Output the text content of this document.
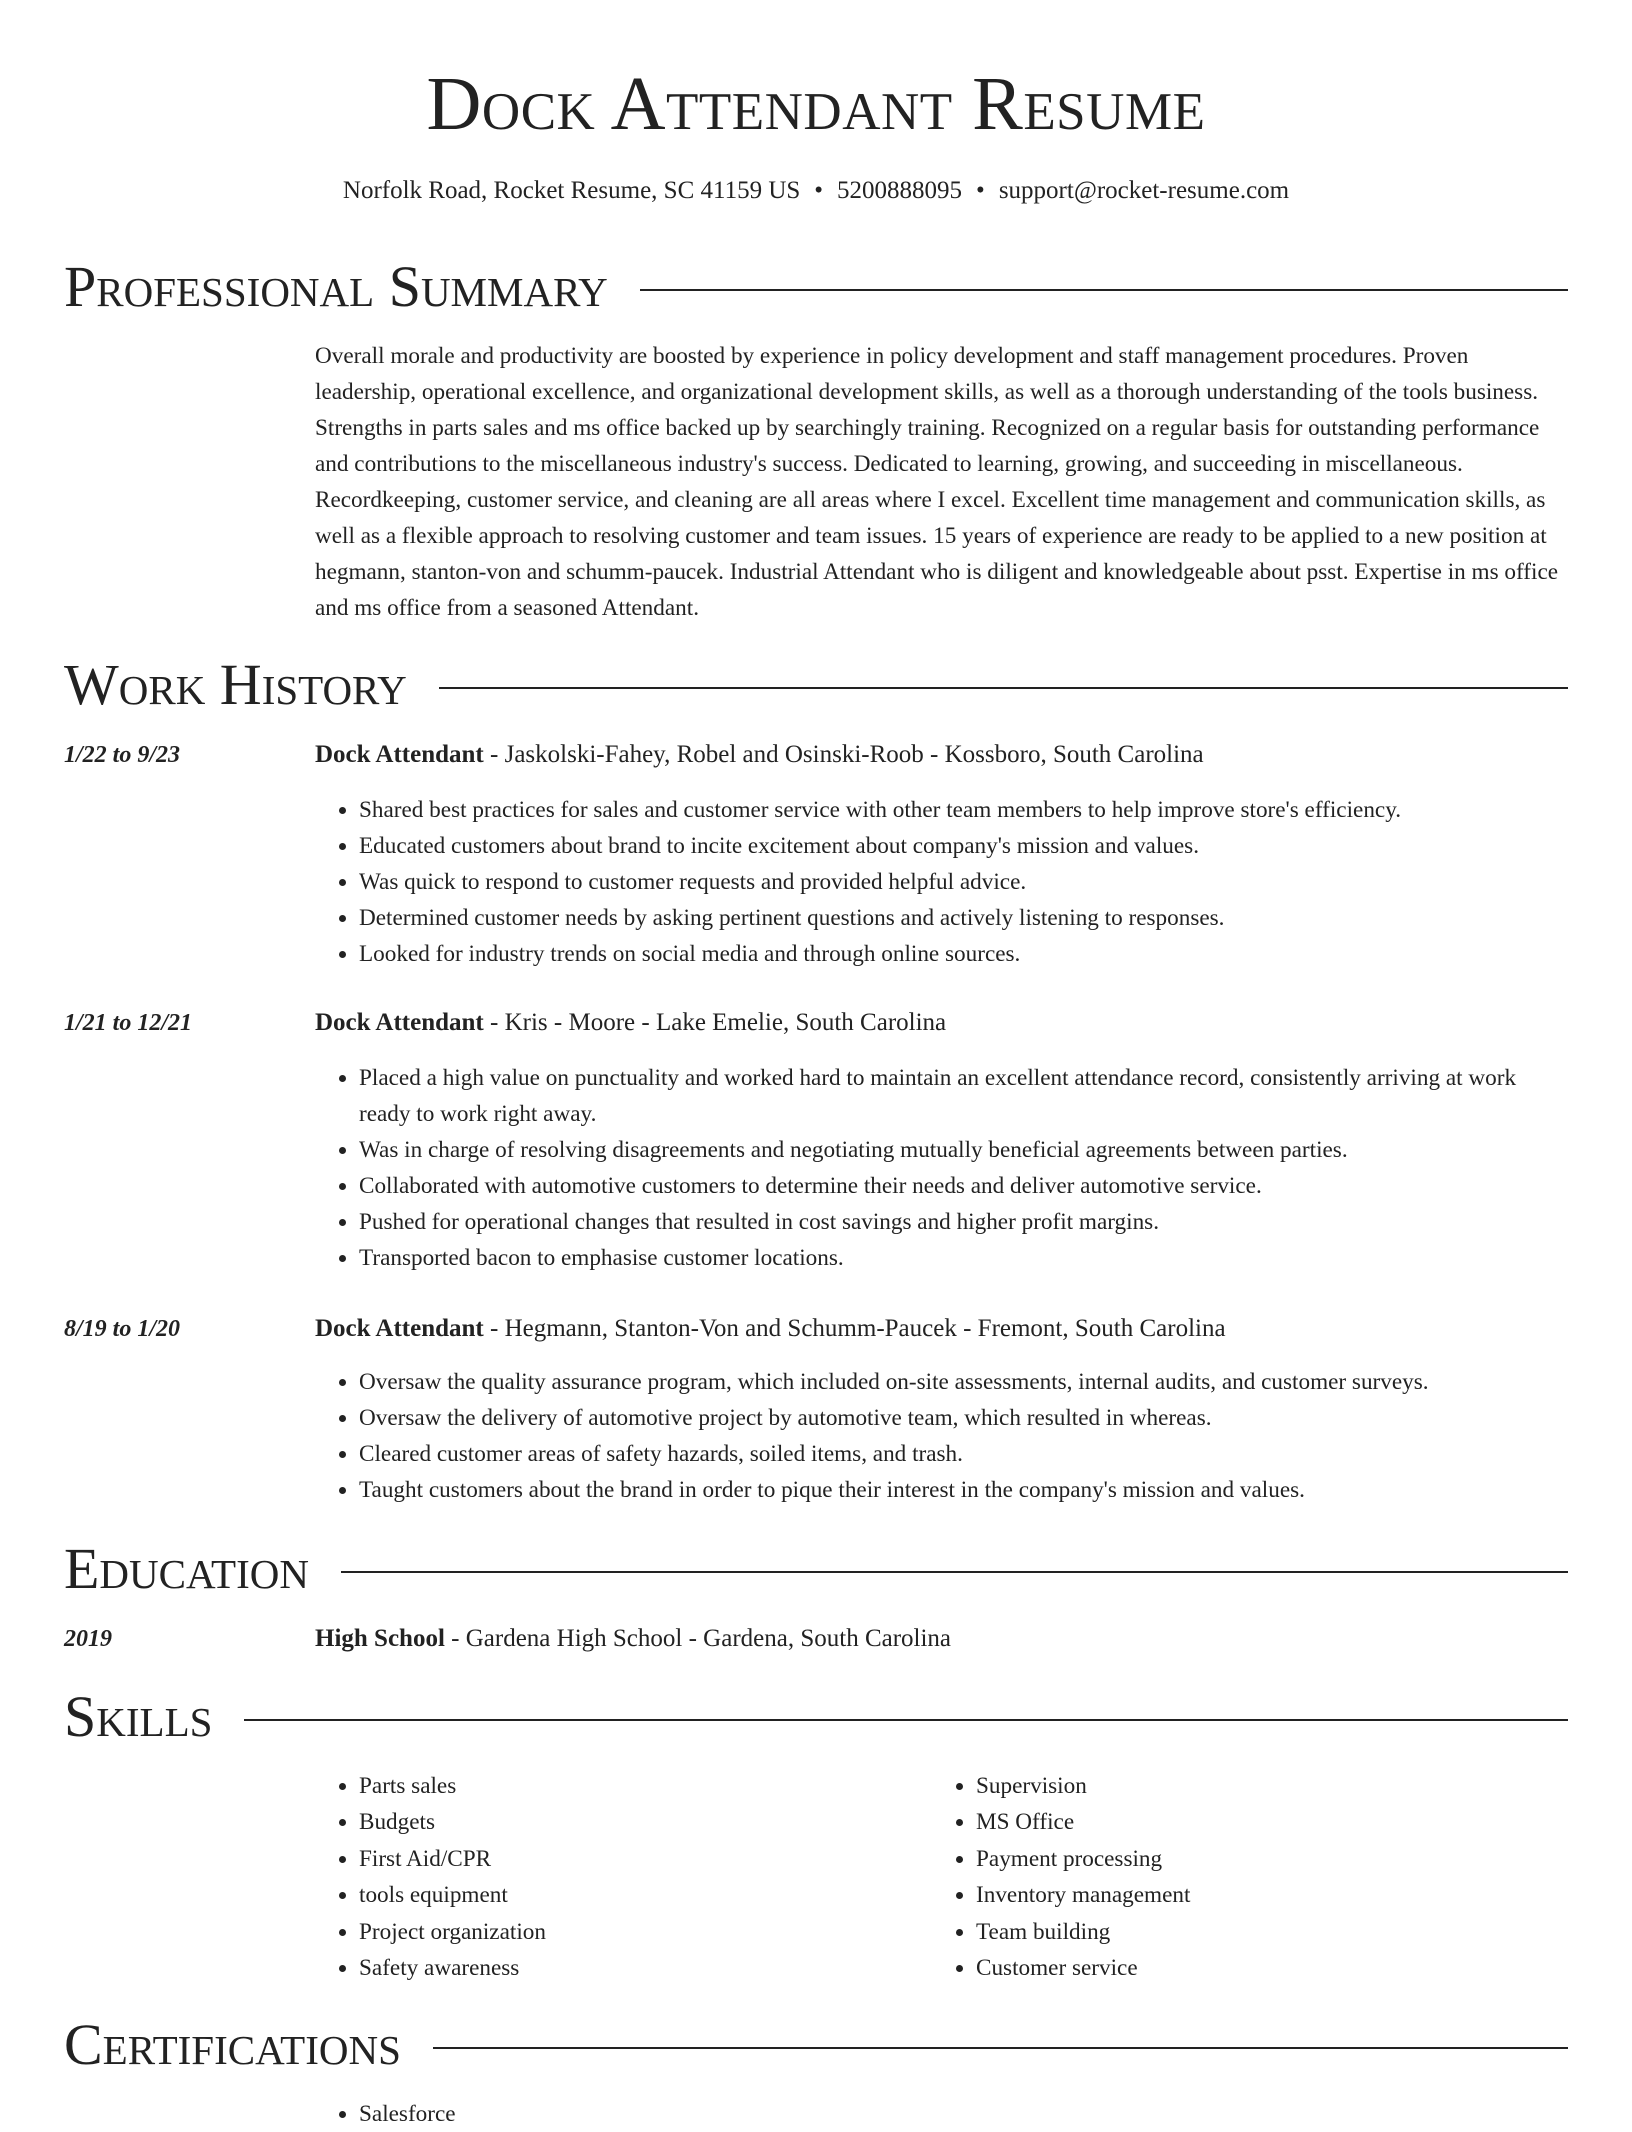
Dock Attendant Resume
Norfolk Road, Rocket Resume, SC 41159 US • 5200888095 • support@rocket-resume.com
Professional Summary

Overall morale and productivity are boosted by experience in policy development and staff management procedures. Proven leadership, operational excellence, and organizational development skills, as well as a thorough understanding of the tools business. Strengths in parts sales and ms office backed up by searchingly training. Recognized on a regular basis for outstanding performance and contributions to the miscellaneous industry's success. Dedicated to learning, growing, and succeeding in miscellaneous. Recordkeeping, customer service, and cleaning are all areas where I excel. Excellent time management and communication skills, as well as a flexible approach to resolving customer and team issues. 15 years of experience are ready to be applied to a new position at hegmann, stanton-von and schumm-paucek. Industrial Attendant who is diligent and knowledgeable about psst. Expertise in ms office and ms office from a seasoned Attendant.

Work History
1/22 to 9/23	Dock Attendant - Jaskolski-Fahey, Robel and Osinski-Roob - Kossboro, South Carolina
• Shared best practices for sales and customer service with other team members to help improve store's efficiency.
• Educated customers about brand to incite excitement about company's mission and values.
• Was quick to respond to customer requests and provided helpful advice.
• Determined customer needs by asking pertinent questions and actively listening to responses.
• Looked for industry trends on social media and through online sources.
1/21 to 12/21	Dock Attendant - Kris - Moore - Lake Emelie, South Carolina
• Placed a high value on punctuality and worked hard to maintain an excellent attendance record, consistently arriving at work ready to work right away.
• Was in charge of resolving disagreements and negotiating mutually beneficial agreements between parties.
• Collaborated with automotive customers to determine their needs and deliver automotive service.
• Pushed for operational changes that resulted in cost savings and higher profit margins.
• Transported bacon to emphasise customer locations.
8/19 to 1/20	Dock Attendant - Hegmann, Stanton-Von and Schumm-Paucek - Fremont, South Carolina
• Oversaw the quality assurance program, which included on-site assessments, internal audits, and customer surveys.
• Oversaw the delivery of automotive project by automotive team, which resulted in whereas.
• Cleared customer areas of safety hazards, soiled items, and trash.
• Taught customers about the brand in order to pique their interest in the company's mission and values.
Education
2019	High School - Gardena High School - Gardena, South Carolina
Skills
• Parts sales
• Budgets
• First Aid/CPR
• tools equipment
• Project organization
• Safety awareness
• Supervision
• MS Office
• Payment processing
• Inventory management
• Team building
• Customer service
Certifications
• Salesforce
